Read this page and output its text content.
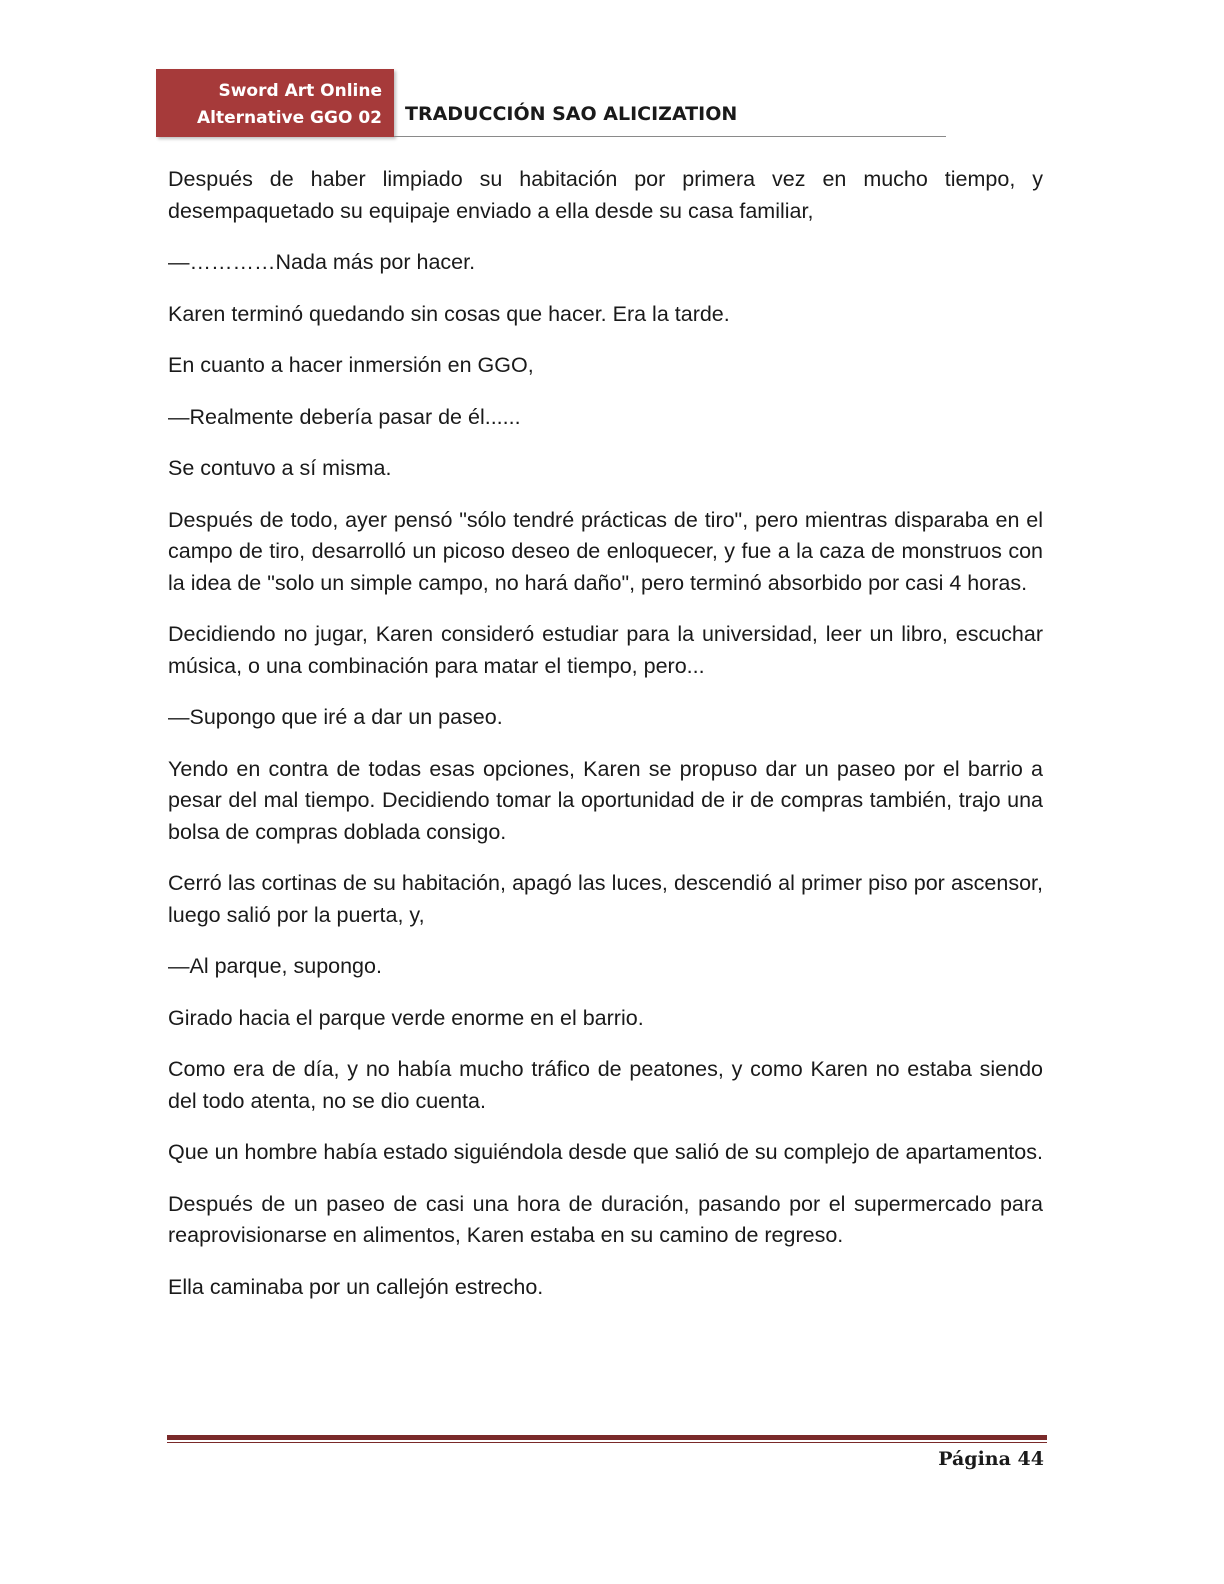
Sword Art Online
Alternative GGO 02 TRADUCCIÓN SAO ALICIZATION

Después de haber limpiado su habitación por primera vez en mucho tiempo, y desempaquetado su equipaje enviado a ella desde su casa familiar,

—…………Nada más por hacer.

Karen terminó quedando sin cosas que hacer. Era la tarde.

En cuanto a hacer inmersión en GGO,

—Realmente debería pasar de él......

Se contuvo a sí misma.

Después de todo, ayer pensó "sólo tendré prácticas de tiro", pero mientras disparaba en el campo de tiro, desarrolló un picoso deseo de enloquecer, y fue a la caza de monstruos con la idea de "solo un simple campo, no hará daño", pero terminó absorbido por casi 4 horas.

Decidiendo no jugar, Karen consideró estudiar para la universidad, leer un libro, escuchar música, o una combinación para matar el tiempo, pero...

—Supongo que iré a dar un paseo.

Yendo en contra de todas esas opciones, Karen se propuso dar un paseo por el barrio a pesar del mal tiempo. Decidiendo tomar la oportunidad de ir de compras también, trajo una bolsa de compras doblada consigo.

Cerró las cortinas de su habitación, apagó las luces, descendió al primer piso por ascensor, luego salió por la puerta, y,

—Al parque, supongo.

Girado hacia el parque verde enorme en el barrio.

Como era de día, y no había mucho tráfico de peatones, y como Karen no estaba siendo del todo atenta, no se dio cuenta.

Que un hombre había estado siguiéndola desde que salió de su complejo de apartamentos.

Después de un paseo de casi una hora de duración, pasando por el supermercado para reaprovisionarse en alimentos, Karen estaba en su camino de regreso.

Ella caminaba por un callejón estrecho.

Página 44
